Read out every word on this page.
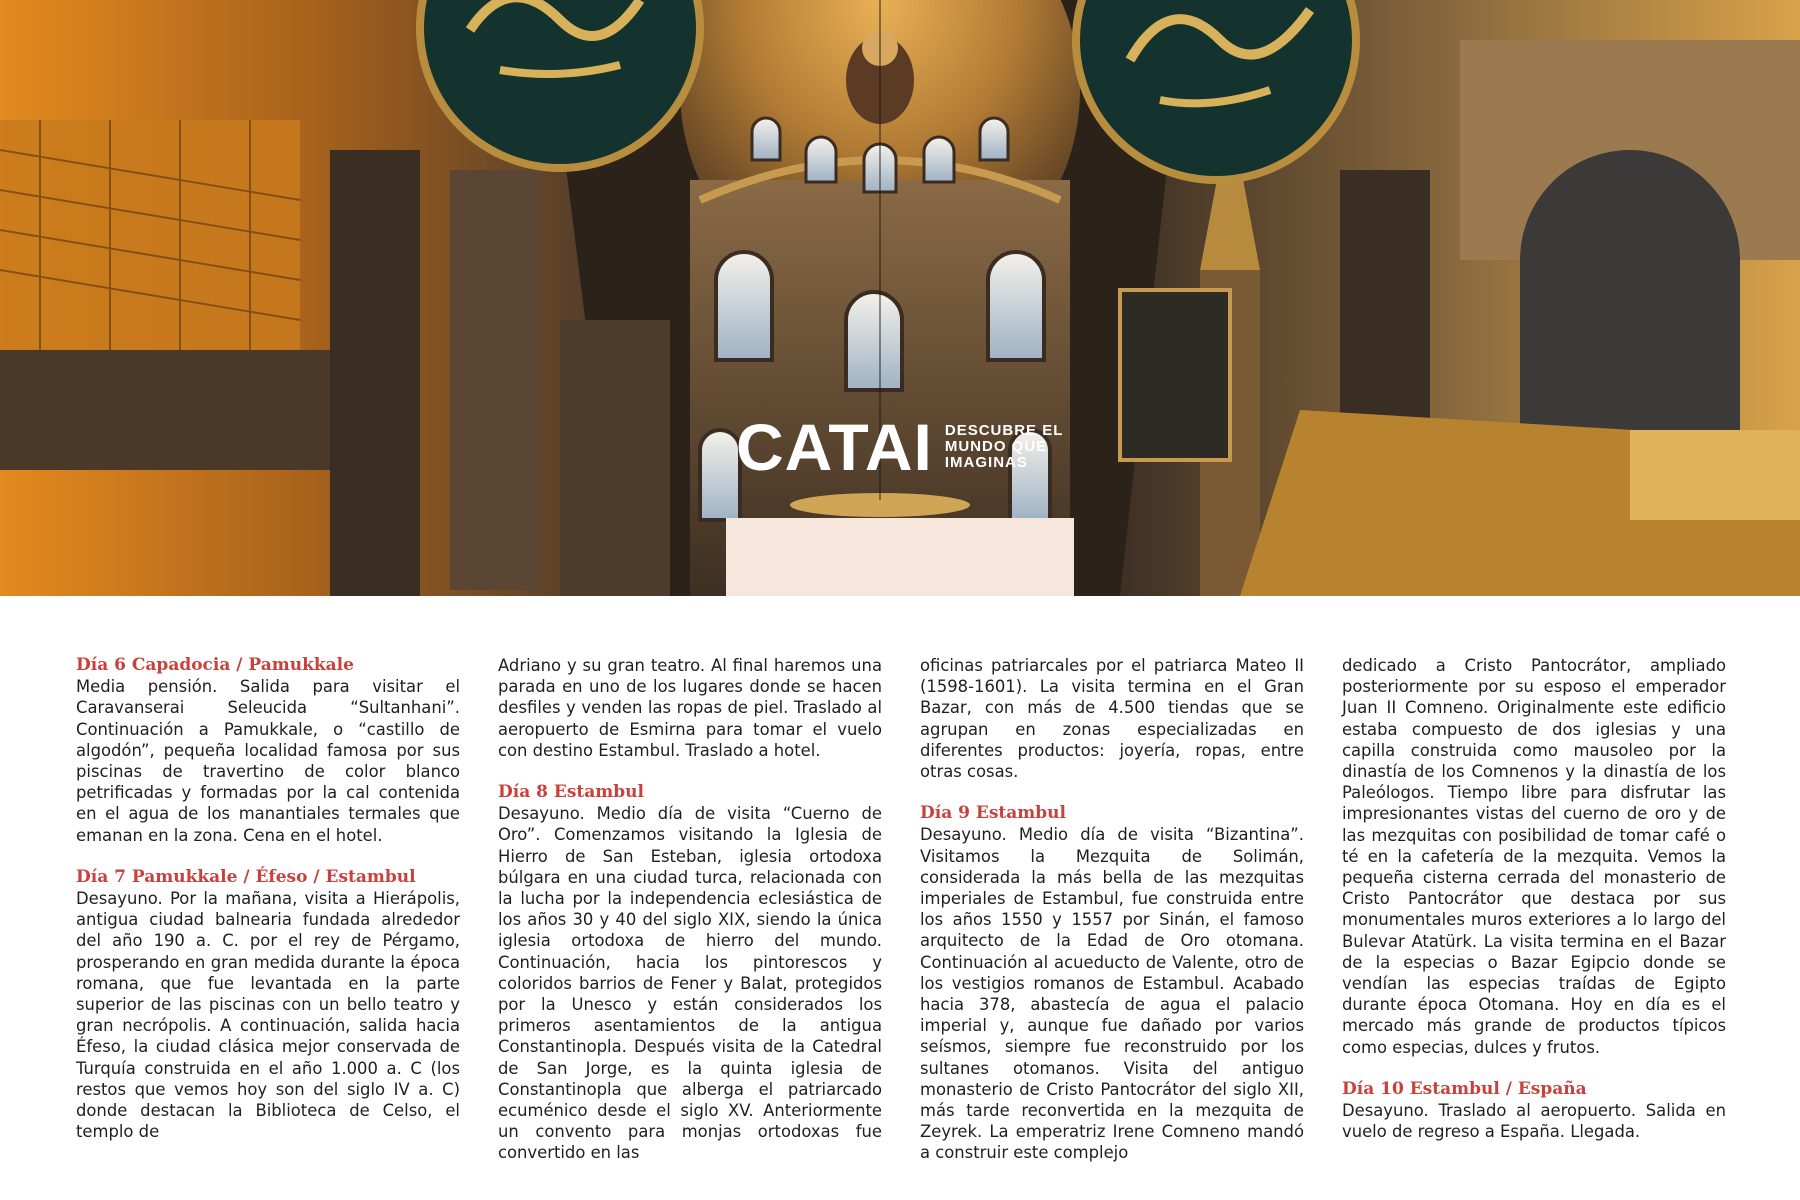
CATAI DESCUBRE EL
MUNDO QUE
IMAGINAS
Día 6 Capadocia / Pamukkale

Media pensión. Salida para visitar el Caravanserai Seleucida “Sultanhani”. Continuación a Pamukkale, o “castillo de algodón”, pequeña localidad famosa por sus piscinas de travertino de color blanco petrificadas y formadas por la cal contenida en el agua de los manantiales termales que emanan en la zona. Cena en el hotel.

Día 7 Pamukkale / Éfeso / Estambul

Desayuno. Por la mañana, visita a Hierápolis, antigua ciudad balnearia fundada alrededor del año 190 a. C. por el rey de Pérgamo, prosperando en gran medida durante la época romana, que fue levantada en la parte superior de las piscinas con un bello teatro y gran necrópolis. A continuación, salida hacia Éfeso, la ciudad clásica mejor conservada de Turquía construida en el año 1.000 a. C (los restos que vemos hoy son del siglo IV a. C) donde destacan la Biblioteca de Celso, el templo de

Adriano y su gran teatro. Al final haremos una parada en uno de los lugares donde se hacen desfiles y venden las ropas de piel. Traslado al aeropuerto de Esmirna para tomar el vuelo con destino Estambul. Traslado a hotel.

Día 8 Estambul

Desayuno. Medio día de visita “Cuerno de Oro”. Comenzamos visitando la Iglesia de Hierro de San Esteban, iglesia ortodoxa búlgara en una ciudad turca, relacionada con la lucha por la independencia eclesiástica de los años 30 y 40 del siglo XIX, siendo la única iglesia ortodoxa de hierro del mundo. Continuación, hacia los pintorescos y coloridos barrios de Fener y Balat, protegidos por la Unesco y están considerados los primeros asentamientos de la antigua Constantinopla. Después visita de la Catedral de San Jorge, es la quinta iglesia de Constantinopla que alberga el patriarcado ecuménico desde el siglo XV. Anteriormente un convento para monjas ortodoxas fue convertido en las

oficinas patriarcales por el patriarca Mateo II (1598-1601). La visita termina en el Gran Bazar, con más de 4.500 tiendas que se agrupan en zonas especializadas en diferentes productos: joyería, ropas, entre otras cosas.

Día 9 Estambul

Desayuno. Medio día de visita “Bizantina”. Visitamos la Mezquita de Solimán, considerada la más bella de las mezquitas imperiales de Estambul, fue construida entre los años 1550 y 1557 por Sinán, el famoso arquitecto de la Edad de Oro otomana. Continuación al acueducto de Valente, otro de los vestigios romanos de Estambul. Acabado hacia 378, abastecía de agua el palacio imperial y, aunque fue dañado por varios seísmos, siempre fue reconstruido por los sultanes otomanos. Visita del antiguo monasterio de Cristo Pantocrátor del siglo XII, más tarde reconvertida en la mezquita de Zeyrek. La emperatriz Irene Comneno mandó a construir este complejo

dedicado a Cristo Pantocrátor, ampliado posteriormente por su esposo el emperador Juan II Comneno. Originalmente este edificio estaba compuesto de dos iglesias y una capilla construida como mausoleo por la dinastía de los Comnenos y la dinastía de los Paleólogos. Tiempo libre para disfrutar las impresionantes vistas del cuerno de oro y de las mezquitas con posibilidad de tomar café o té en la cafetería de la mezquita. Vemos la pequeña cisterna cerrada del monasterio de Cristo Pantocrátor que destaca por sus monumentales muros exteriores a lo largo del Bulevar Atatürk. La visita termina en el Bazar de la especias o Bazar Egipcio donde se vendían las especias traídas de Egipto durante época Otomana. Hoy en día es el mercado más grande de productos típicos como especias, dulces y frutos.

Día 10 Estambul / España

Desayuno. Traslado al aeropuerto. Salida en vuelo de regreso a España. Llegada.
